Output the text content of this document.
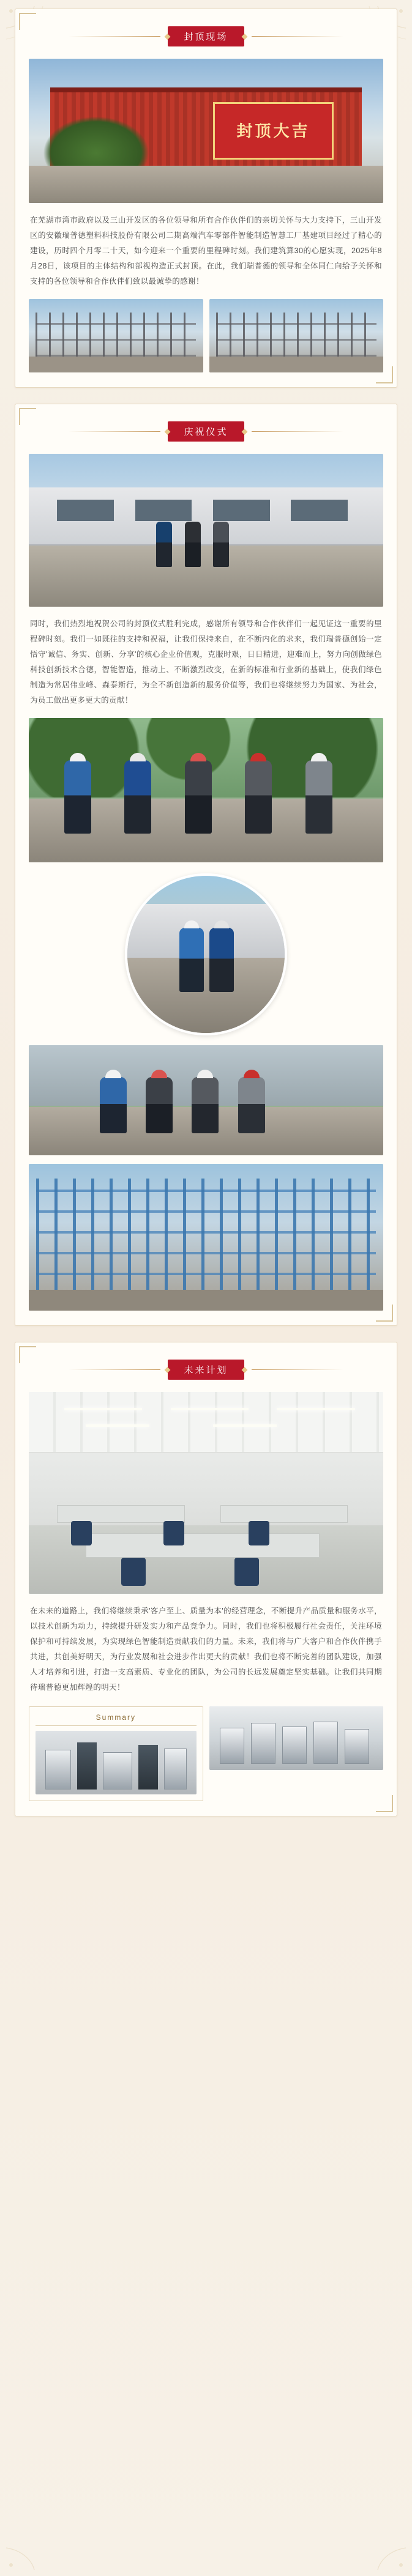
封顶现场
封顶 大吉

在芜湖市湾市政府以及三山开发区的各位领导和所有合作伙伴们的亲切关怀与大力支持下，三山开发区的安徽瑞普德塑料科技股份有限公司二期高端汽车零部件智能制造智慧工厂基建项目经过了精心的建设，历时四个月零二十天，如今迎来一个重要的里程碑时刻。我们建筑算30的心愿实现，2025年8月28日，该项目的主体结构和部视构造正式封顶。在此，我们瑞普德的领导和全体同仁向给予关怀和支持的各位领导和合作伙伴们致以最诚挚的感谢！

庆祝仪式

同时，我们热烈地祝贺公司的封顶仪式胜利完成，感谢所有领导和合作伙伴们一起见证这一重要的里程碑时刻。我们一如既往的支持和祝福，让我们保持来自，在不断内化的求来，我们瑞普德创始一定悟守'诚信、务实、创新、分享'的核心企业价值观，克服时艰，日日精进，迎难而上，努力向创做绿色科技创新技术合德，智能智造，推动上、不断激烈改变，在新的标准和行业新的基础上，使我们绿色制造为常居伟业峰、森泰斯行，为全不新创造新的服务价值等，我们也将继续努力为国家、为社会，为员工做出更多更大的贡献！

未来计划

在未来的道路上，我们将继续秉承'客户至上、质量为本'的经营理念，不断提升产品质量和服务水平，以技术创新为动力，持续提升研发实力和产品竞争力。同时，我们也将积极履行社会责任，关注环境保护和可持续发展，为实现绿色智能制造贡献我们的力量。未来，我们将与广大客户和合作伙伴携手共进，共创美好明天，为行业发展和社会进步作出更大的贡献！我们也将不断完善的团队建设，加强人才培养和引进，打造一支高素质、专业化的团队，为公司的长远发展奠定坚实基础。让我们共同期待瑞普德更加辉煌的明天！

Summary
